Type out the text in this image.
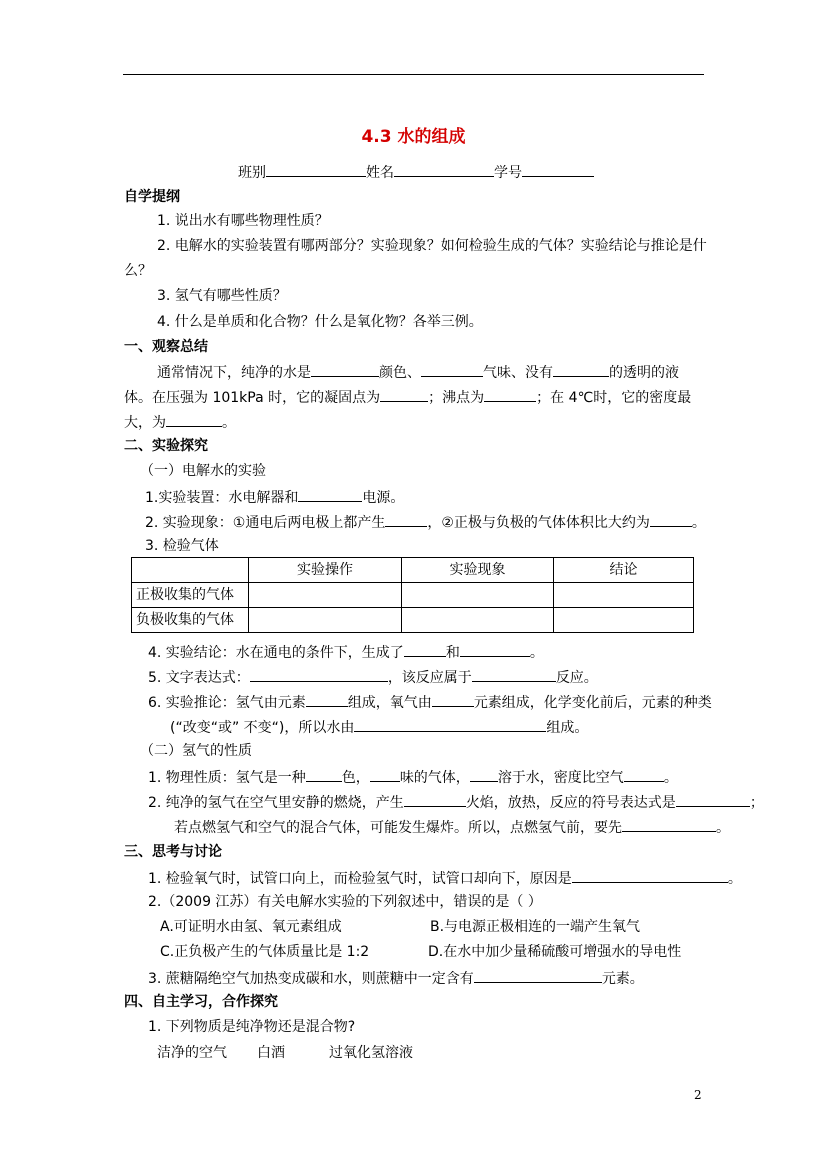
4.3 水的组成
班别	姓名	学号
自学提纲
1. 说出水有哪些物理性质？
2. 电解水的实验装置有哪两部分？实验现象？如何检验生成的气体？实验结论与推论是什
么？
3. 氢气有哪些性质？
4. 什么是单质和化合物？什么是氧化物？各举三例。
一、观察总结
通常情况下，纯净的水是	颜色、	气味、没有	的透明的液
体。在压强为 101kPa 时，它的凝固点为	；沸点为	；在 4℃时，它的密度最
大，为	。
二、实验探究
（一）电解水的实验
1.实验装置：水电解器和	电源。
2. 实验现象：①通电后两电极上都产生	，②正极与负极的气体体积比大约为	。
3. 检验气体
	实验操作	实验现象	结论
正极收集的气体			
负极收集的气体			
4. 实验结论：水在通电的条件下，生成了	和	。
5. 文字表达式：	，该反应属于	反应。
6. 实验推论：氢气由元素	组成，氧气由	元素组成，化学变化前后，元素的种类
(“改变“或” 不变“)，所以水由	组成。
（二）氢气的性质
1. 物理性质：氢气是一种	色， 味的气体， 溶于水，密度比空气	。
2. 纯净的氢气在空气里安静的燃烧，产生	火焰，放热，反应的符号表达式是	；
若点燃氢气和空气的混合气体，可能发生爆炸。所以，点燃氢气前，要先	。
三、思考与讨论
1. 检验氧气时，试管口向上，而检验氢气时，试管口却向下，原因是	。
2.（2009 江苏）有关电解水实验的下列叙述中，错误的是（ ）
A.可证明水由氢、氧元素组成	B.与电源正极相连的一端产生氧气
C.正负极产生的气体质量比是 1:2	D.在水中加少量稀硫酸可增强水的导电性
3. 蔗糖隔绝空气加热变成碳和水，则蔗糖中一定含有	元素。
四、自主学习，合作探究
1. 下列物质是纯净物还是混合物?
洁净的空气 白酒	过氧化氢溶液
2
